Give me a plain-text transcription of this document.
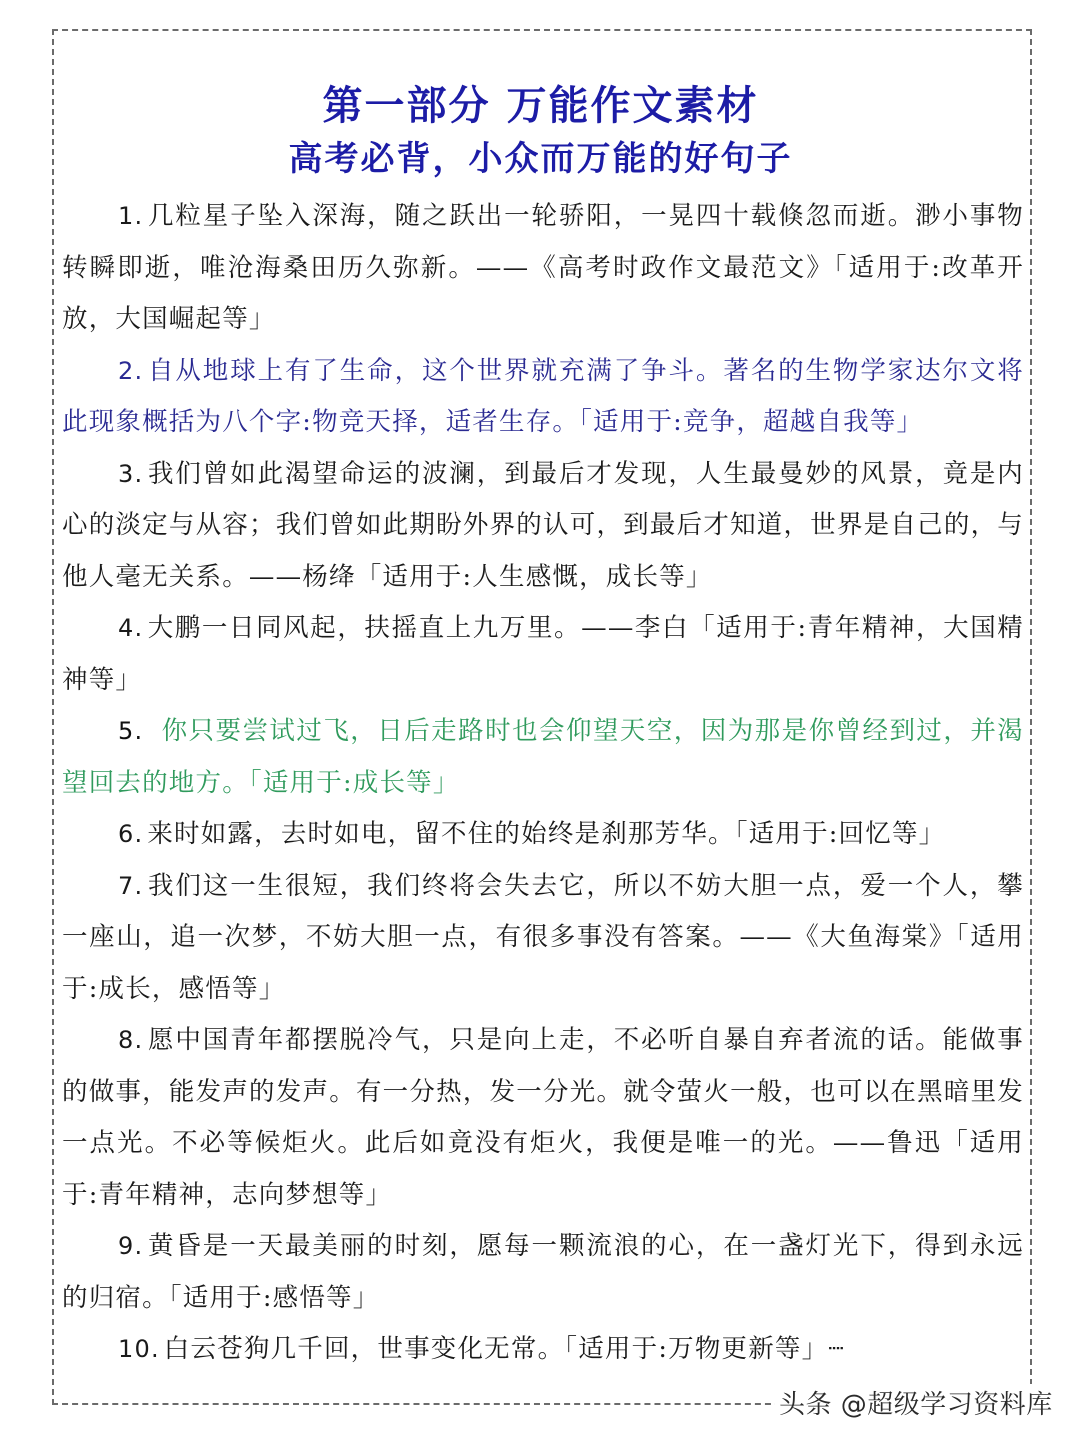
第一部分 万能作文素材
高考必背，小众而万能的好句子

1. 几粒星子坠入深海，随之跃出一轮骄阳，一晃四十载倏忽而逝。渺小事物转瞬即逝，唯沧海桑田历久弥新。——《高考时政作文最范文》「适用于:改革开放，大国崛起等」

2. 自从地球上有了生命，这个世界就充满了争斗。著名的生物学家达尔文将此现象概括为八个字:物竞天择，适者生存。「适用于:竞争，超越自我等」

3. 我们曾如此渴望命运的波澜，到最后才发现，人生最曼妙的风景，竟是内心的淡定与从容；我们曾如此期盼外界的认可，到最后才知道，世界是自己的，与他人毫无关系。——杨绛「适用于:人生感慨，成长等」

4. 大鹏一日同风起，扶摇直上九万里。——李白「适用于:青年精神，大国精神等」

5. 你只要尝试过飞，日后走路时也会仰望天空，因为那是你曾经到过，并渴望回去的地方。「适用于:成长等」

6. 来时如露，去时如电，留不住的始终是刹那芳华。「适用于:回忆等」

7. 我们这一生很短，我们终将会失去它，所以不妨大胆一点，爱一个人，攀一座山，追一次梦，不妨大胆一点，有很多事没有答案。——《大鱼海棠》「适用于:成长，感悟等」

8. 愿中国青年都摆脱冷气，只是向上走，不必听自暴自弃者流的话。能做事的做事，能发声的发声。有一分热，发一分光。就令萤火一般，也可以在黑暗里发一点光。不必等候炬火。此后如竟没有炬火，我便是唯一的光。——鲁迅「适用于:青年精神，志向梦想等」

9. 黄昏是一天最美丽的时刻，愿每一颗流浪的心，在一盏灯光下，得到永远的归宿。「适用于:感悟等」

10. 白云苍狗几千回，世事变化无常。「适用于:万物更新等」┈

头条 @超级学习资料库
